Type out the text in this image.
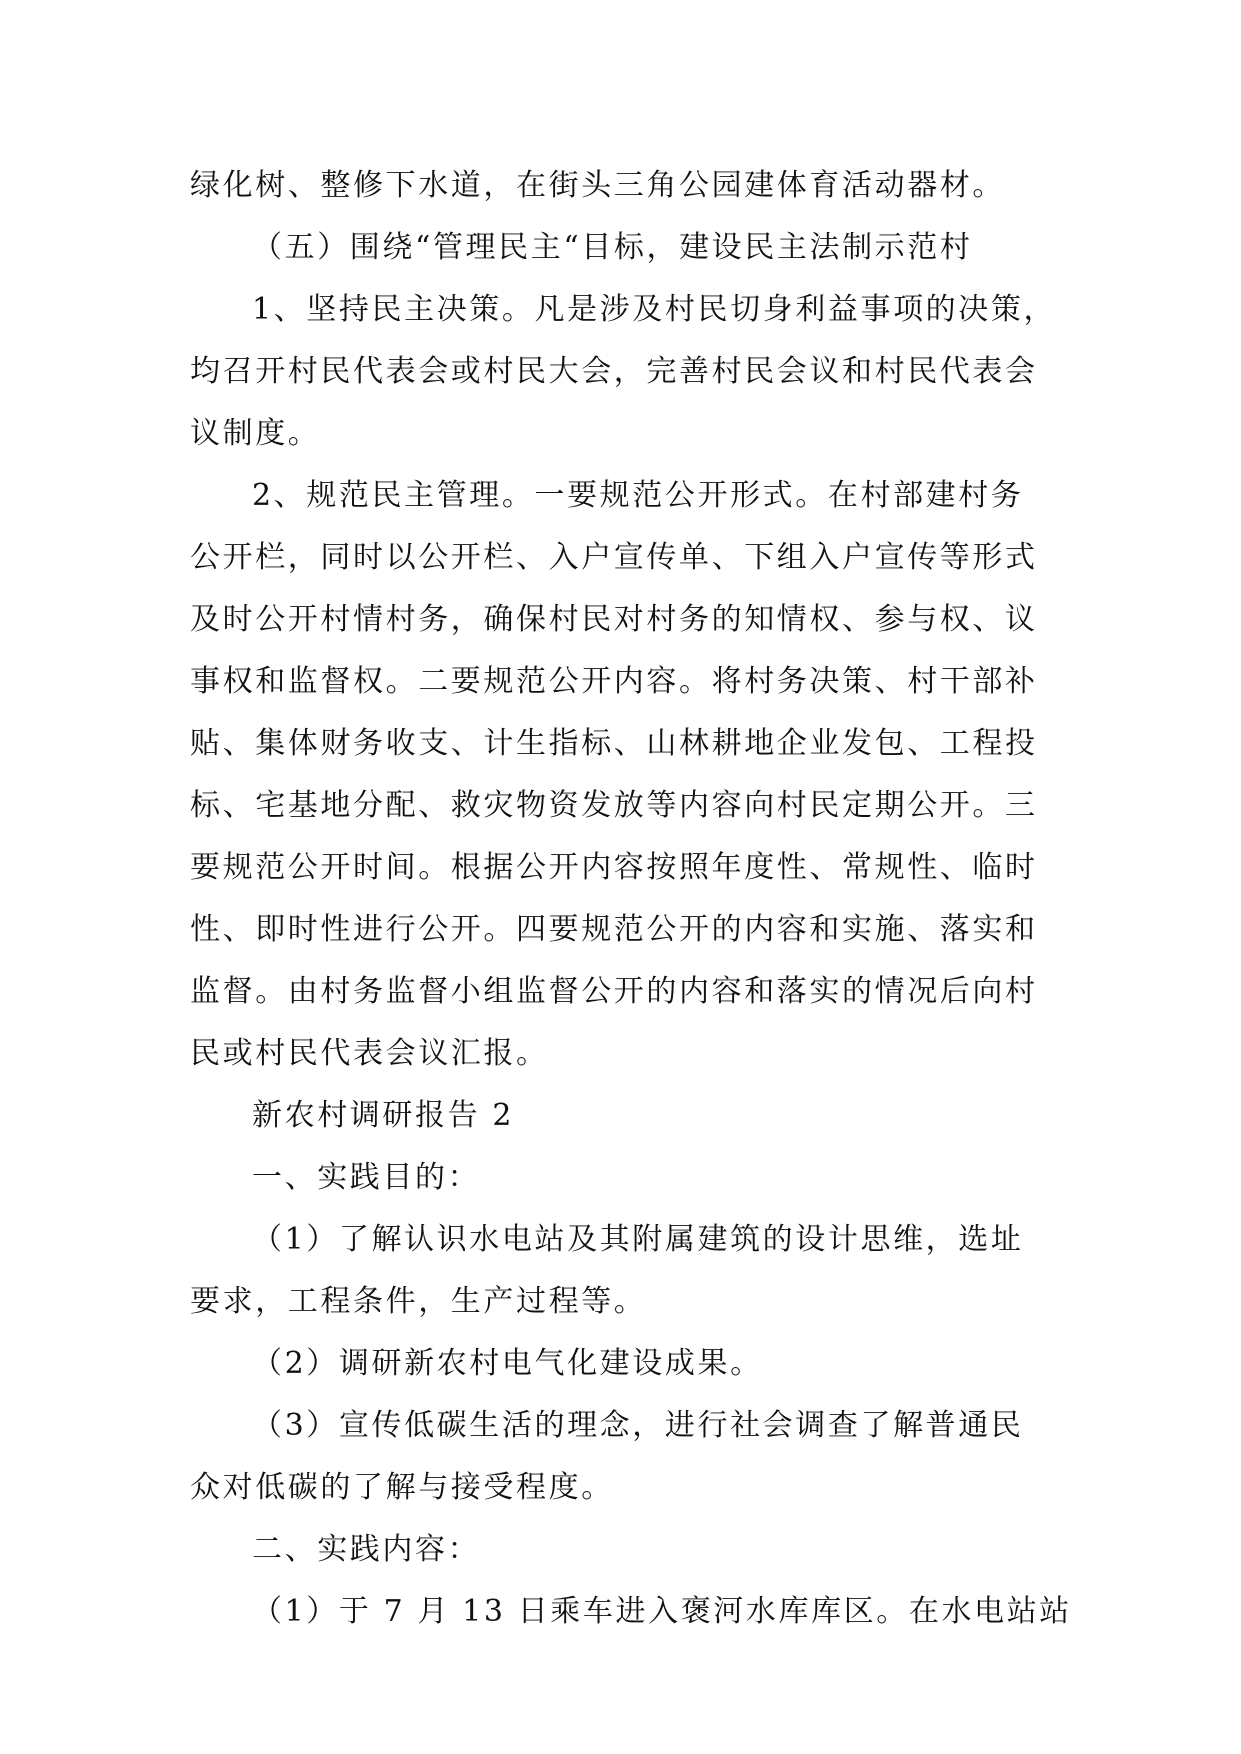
绿化树、整修下水道，在街头三角公园建体育活动器材。
（五）围绕“管理民主“目标，建设民主法制示范村
1、坚持民主决策。凡是涉及村民切身利益事项的决策，
均召开村民代表会或村民大会，完善村民会议和村民代表会
议制度。
2、规范民主管理。一要规范公开形式。在村部建村务
公开栏，同时以公开栏、入户宣传单、下组入户宣传等形式
及时公开村情村务，确保村民对村务的知情权、参与权、议
事权和监督权。二要规范公开内容。将村务决策、村干部补
贴、集体财务收支、计生指标、山林耕地企业发包、工程投
标、宅基地分配、救灾物资发放等内容向村民定期公开。三
要规范公开时间。根据公开内容按照年度性、常规性、临时
性、即时性进行公开。四要规范公开的内容和实施、落实和
监督。由村务监督小组监督公开的内容和落实的情况后向村
民或村民代表会议汇报。
新农村调研报告 2
一、实践目的：
（1）了解认识水电站及其附属建筑的设计思维，选址
要求，工程条件，生产过程等。
（2）调研新农村电气化建设成果。
（3）宣传低碳生活的理念，进行社会调查了解普通民
众对低碳的了解与接受程度。
二、实践内容：
（1）于 7 月 13 日乘车进入褒河水库库区。在水电站站
